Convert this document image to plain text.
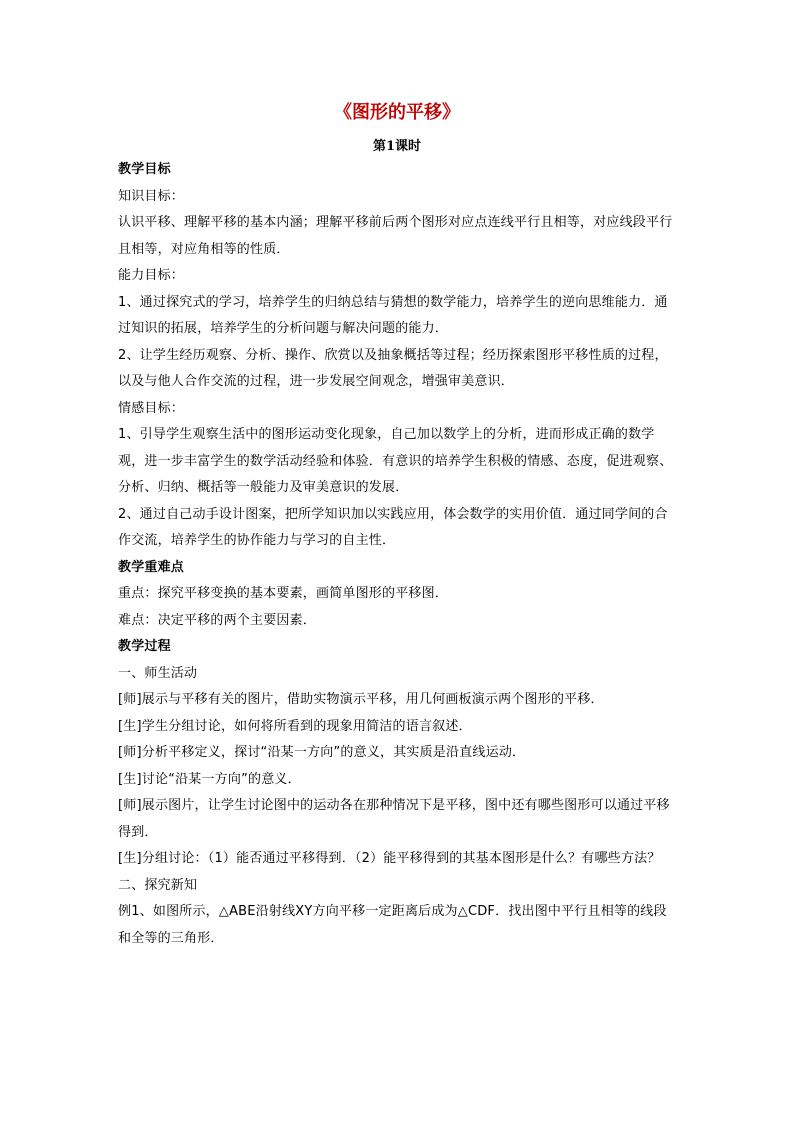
《图形的平移》
第1课时
教学目标

知识目标：

认识平移、理解平移的基本内涵；理解平移前后两个图形对应点连线平行且相等，对应线段平行且相等，对应角相等的性质．

能力目标：

1、通过探究式的学习，培养学生的归纳总结与猜想的数学能力，培养学生的逆向思维能力．通过知识的拓展，培养学生的分析问题与解决问题的能力．

2、让学生经历观察、分析、操作、欣赏以及抽象概括等过程；经历探索图形平移性质的过程，以及与他人合作交流的过程，进一步发展空间观念，增强审美意识．

情感目标：

1、引导学生观察生活中的图形运动变化现象，自己加以数学上的分析，进而形成正确的数学观，进一步丰富学生的数学活动经验和体验．有意识的培养学生积极的情感、态度，促进观察、分析、归纳、概括等一般能力及审美意识的发展．

2、通过自己动手设计图案，把所学知识加以实践应用，体会数学的实用价值．通过同学间的合作交流，培养学生的协作能力与学习的自主性．

教学重难点

重点：探究平移变换的基本要素，画简单图形的平移图．

难点：决定平移的两个主要因素．

教学过程

一、师生活动

[师]展示与平移有关的图片，借助实物演示平移，用几何画板演示两个图形的平移．

[生]学生分组讨论，如何将所看到的现象用简洁的语言叙述．

[师]分析平移定义，探讨“沿某一方向”的意义，其实质是沿直线运动．

[生]讨论“沿某一方向”的意义．

[师]展示图片，让学生讨论图中的运动各在那种情况下是平移，图中还有哪些图形可以通过平移得到．

[生]分组讨论：（1）能否通过平移得到．（2）能平移得到的其基本图形是什么？有哪些方法？

二、探究新知

例1、如图所示，△ABE沿射线XY方向平移一定距离后成为△CDF．找出图中平行且相等的线段和全等的三角形．
